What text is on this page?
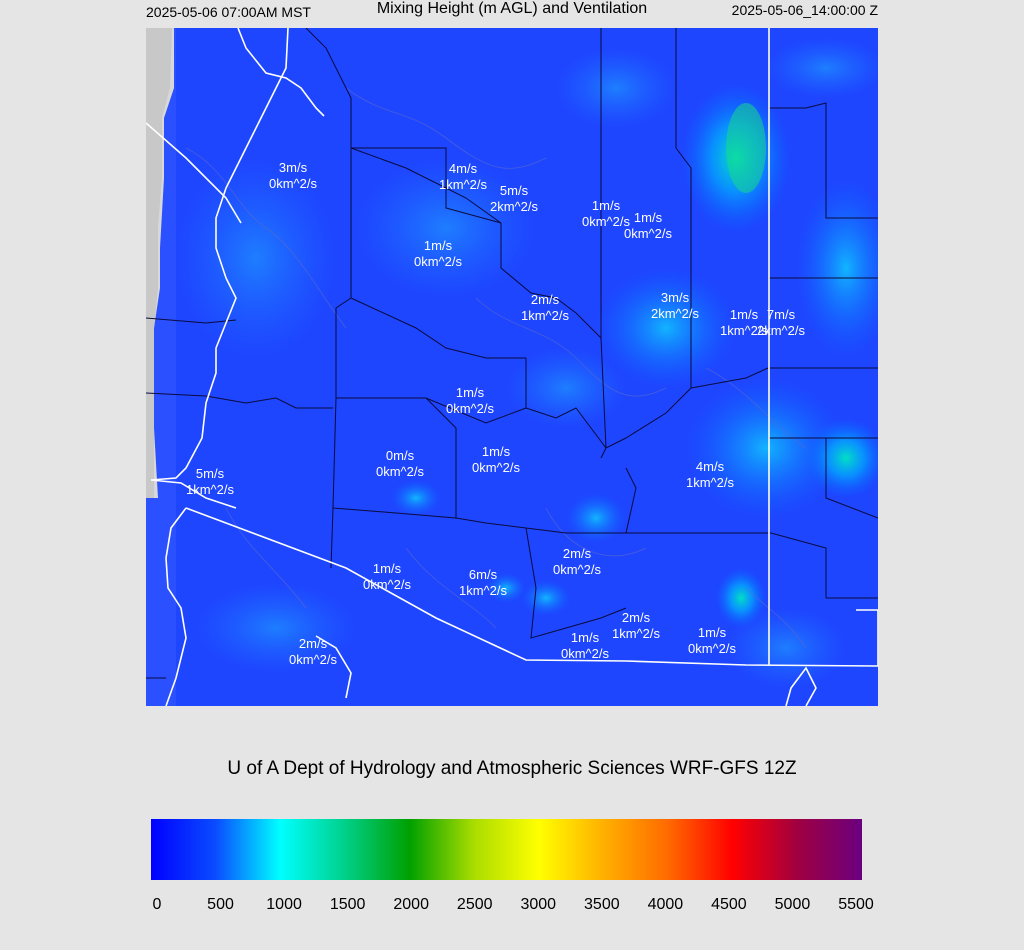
2025-05-06 07:00AM MST	Mixing Height (m AGL) and Ventilation	2025-05-06_14:00:00 Z
3m/s 0km^2/s
4m/s 1km^2/s 5m/s 2km^2/s	1m/s 0km^2/s 1m/s 0km^2/s
1m/s 0km^2/s
2m/s 1km^2/s
3m/s 2km^2/s	1m/s 1km^2/s
7m/s 2km^2/s
1m/s 0km^2/s
0m/s 0km^2/s
1m/s 0km^2/s	4m/s 1km^2/s
5m/s 1km^2/s
2m/s 0km^2/s
1m/s 0km^2/s
6m/s 1km^2/s
2m/s 1km^2/s
1m/s 0km^2/s
1m/s 0km^2/s
2m/s 0km^2/s
U of A Dept of Hydrology and Atmospheric Sciences WRF-GFS 12Z
0	500 1000 1500 2000 2500 3000 3500 4000 4500 5000 5500
